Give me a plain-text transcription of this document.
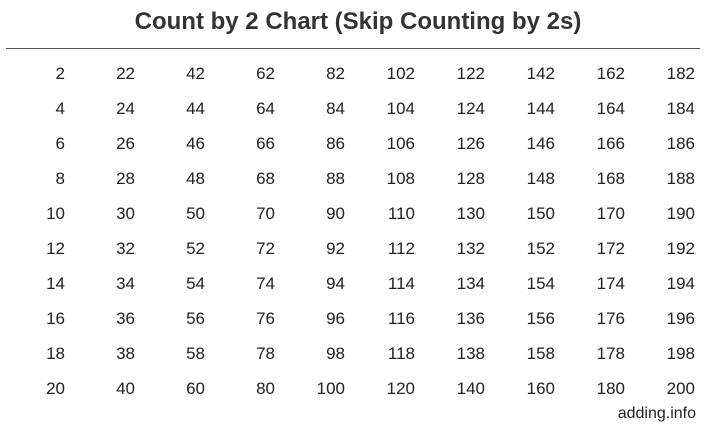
Count by 2 Chart (Skip Counting by 2s)
2
4
6
8
10
12
14
16
18
20
22
24
26
28
30
32
34
36
38
40
42
44
46
48
50
52
54
56
58
60
62
64
66
68
70
72
74
76
78
80
82
84
86
88
90
92
94
96
98
100
102
104
106
108
110
112
114
116
118
120
122
124
126
128
130
132
134
136
138
140
142
144
146
148
150
152
154
156
158
160
162
164
166
168
170
172
174
176
178
180
182
184
186
188
190
192
194
196
198
200
adding.info
